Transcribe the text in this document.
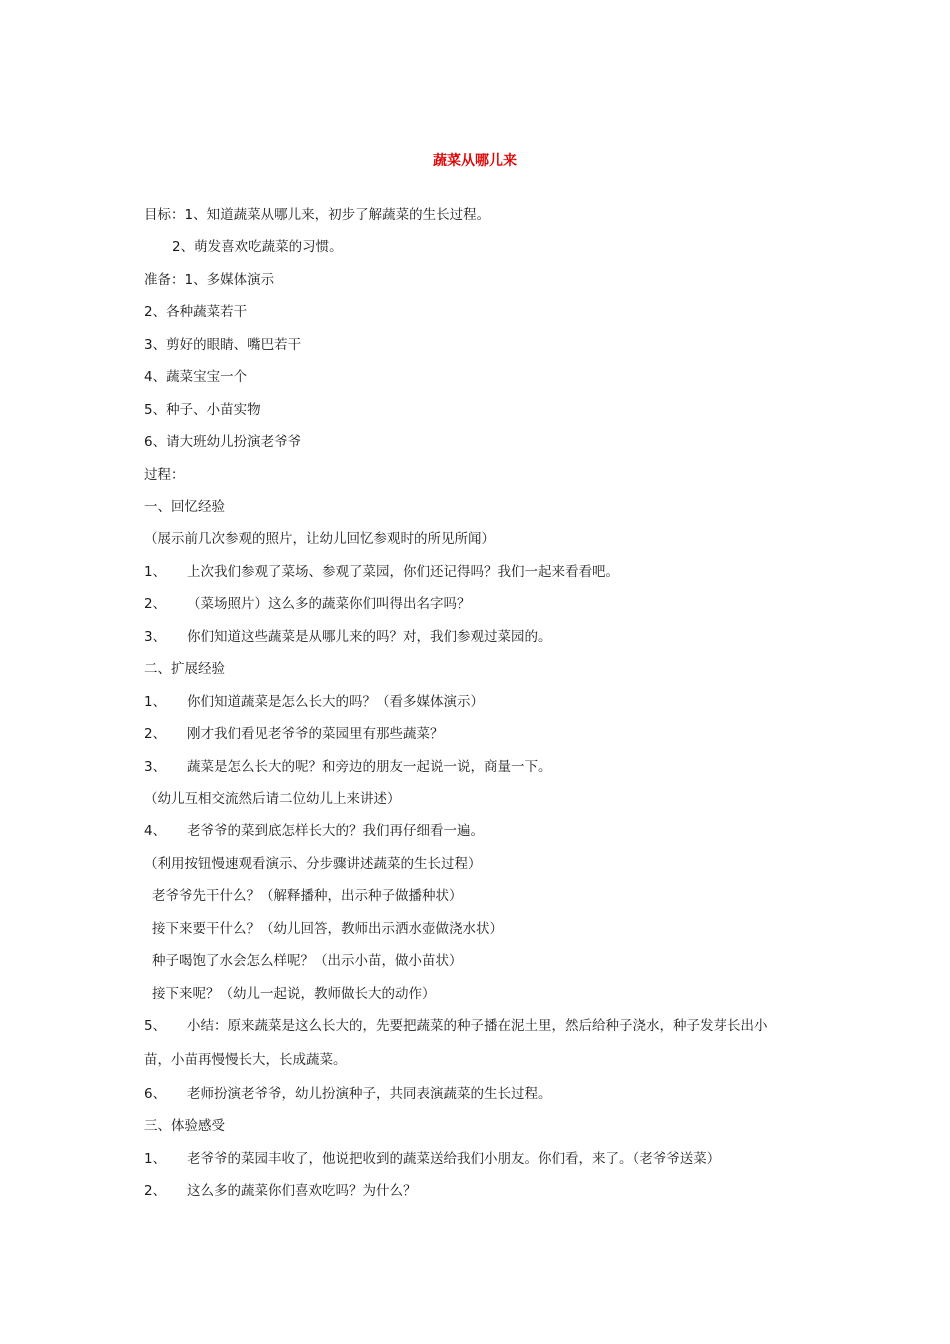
蔬菜从哪儿来

目标：1、知道蔬菜从哪儿来，初步了解蔬菜的生长过程。

2、萌发喜欢吃蔬菜的习惯。

准备：1、多媒体演示

2、各种蔬菜若干

3、剪好的眼睛、嘴巴若干

4、蔬菜宝宝一个

5、种子、小苗实物

6、请大班幼儿扮演老爷爷

过程：

一、回忆经验

（展示前几次参观的照片，让幼儿回忆参观时的所见所闻）

1、 上次我们参观了菜场、参观了菜园，你们还记得吗？我们一起来看看吧。

2、 （菜场照片）这么多的蔬菜你们叫得出名字吗？

3、 你们知道这些蔬菜是从哪儿来的吗？对，我们参观过菜园的。

二、扩展经验

1、 你们知道蔬菜是怎么长大的吗？（看多媒体演示）

2、 刚才我们看见老爷爷的菜园里有那些蔬菜？

3、 蔬菜是怎么长大的呢？和旁边的朋友一起说一说，商量一下。

（幼儿互相交流然后请二位幼儿上来讲述）

4、 老爷爷的菜到底怎样长大的？我们再仔细看一遍。

（利用按钮慢速观看演示、分步骤讲述蔬菜的生长过程）

老爷爷先干什么？（解释播种，出示种子做播种状）

接下来要干什么？（幼儿回答，教师出示洒水壶做浇水状）

种子喝饱了水会怎么样呢？（出示小苗，做小苗状）

接下来呢？（幼儿一起说，教师做长大的动作）

5、 小结：原来蔬菜是这么长大的，先要把蔬菜的种子播在泥土里，然后给种子浇水，种子发芽长出小

苗，小苗再慢慢长大，长成蔬菜。

6、 老师扮演老爷爷，幼儿扮演种子，共同表演蔬菜的生长过程。

三、体验感受

1、 老爷爷的菜园丰收了，他说把收到的蔬菜送给我们小朋友。你们看，来了。（老爷爷送菜）

2、 这么多的蔬菜你们喜欢吃吗？为什么？
